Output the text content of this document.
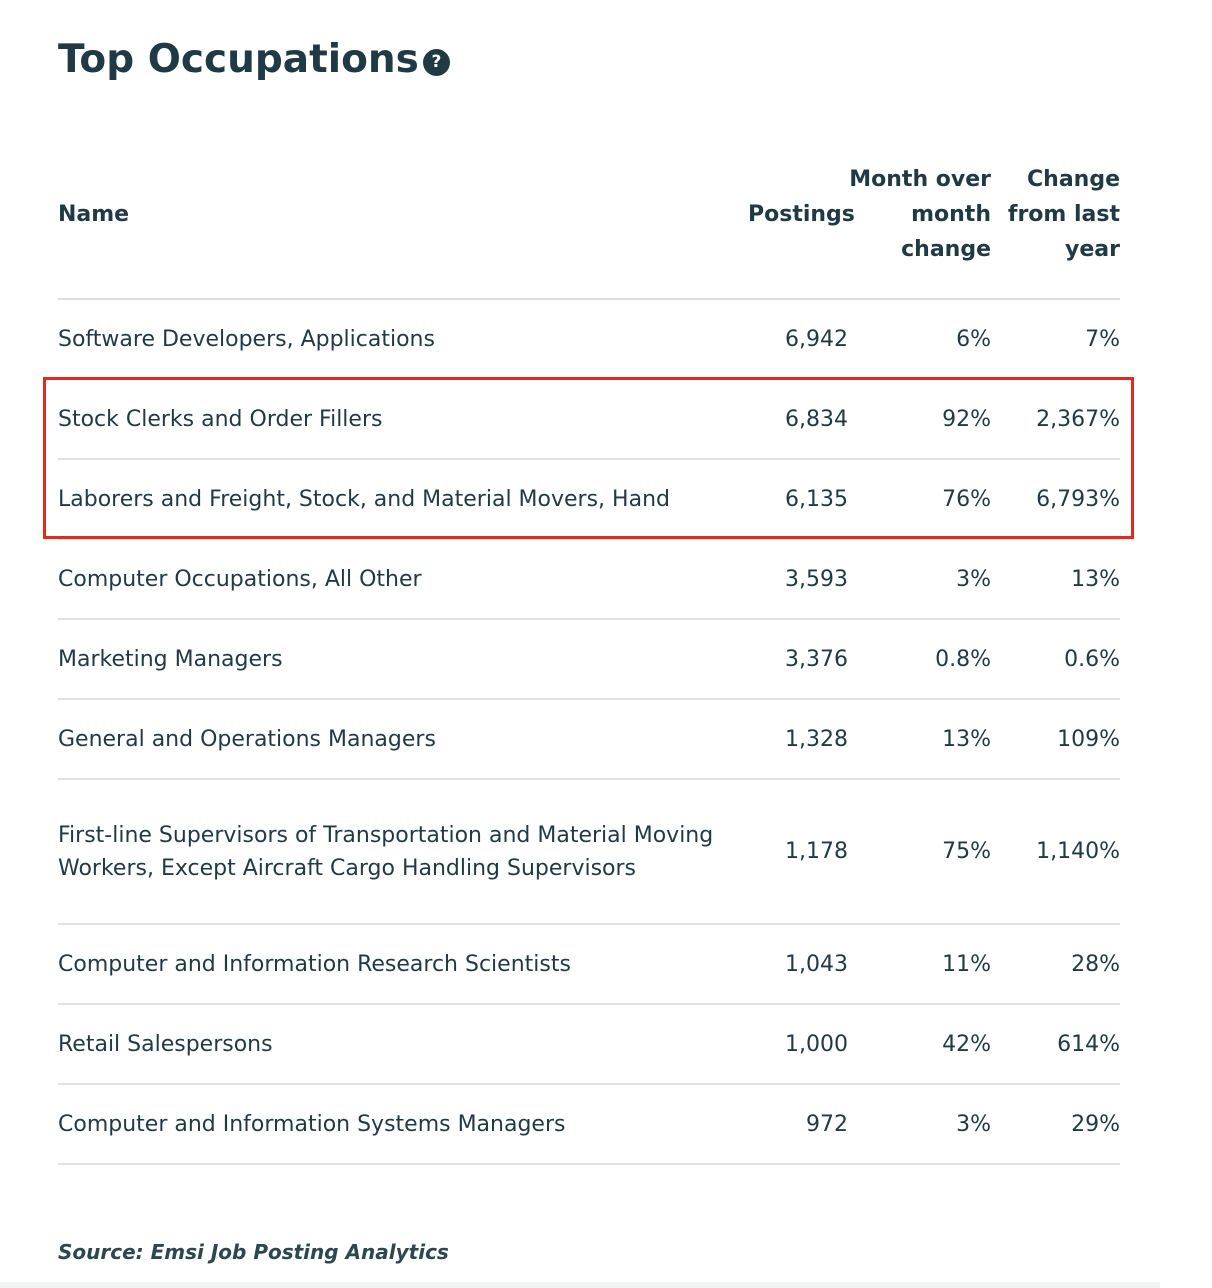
Top Occupations ?
Name	Postings	Month over month change	Change from last year
Software Developers, Applications	6,942	6%	7%
Stock Clerks and Order Fillers	6,834	92%	2,367%
Laborers and Freight, Stock, and Material Movers, Hand	6,135	76%	6,793%
Computer Occupations, All Other	3,593	3%	13%
Marketing Managers	3,376	0.8%	0.6%
General and Operations Managers	1,328	13%	109%
First-line Supervisors of Transportation and Material Moving Workers, Except Aircraft Cargo Handling Supervisors	1,178	75%	1,140%
Computer and Information Research Scientists	1,043	11%	28%
Retail Salespersons	1,000	42%	614%
Computer and Information Systems Managers	972	3%	29%
Source: Emsi Job Posting Analytics
